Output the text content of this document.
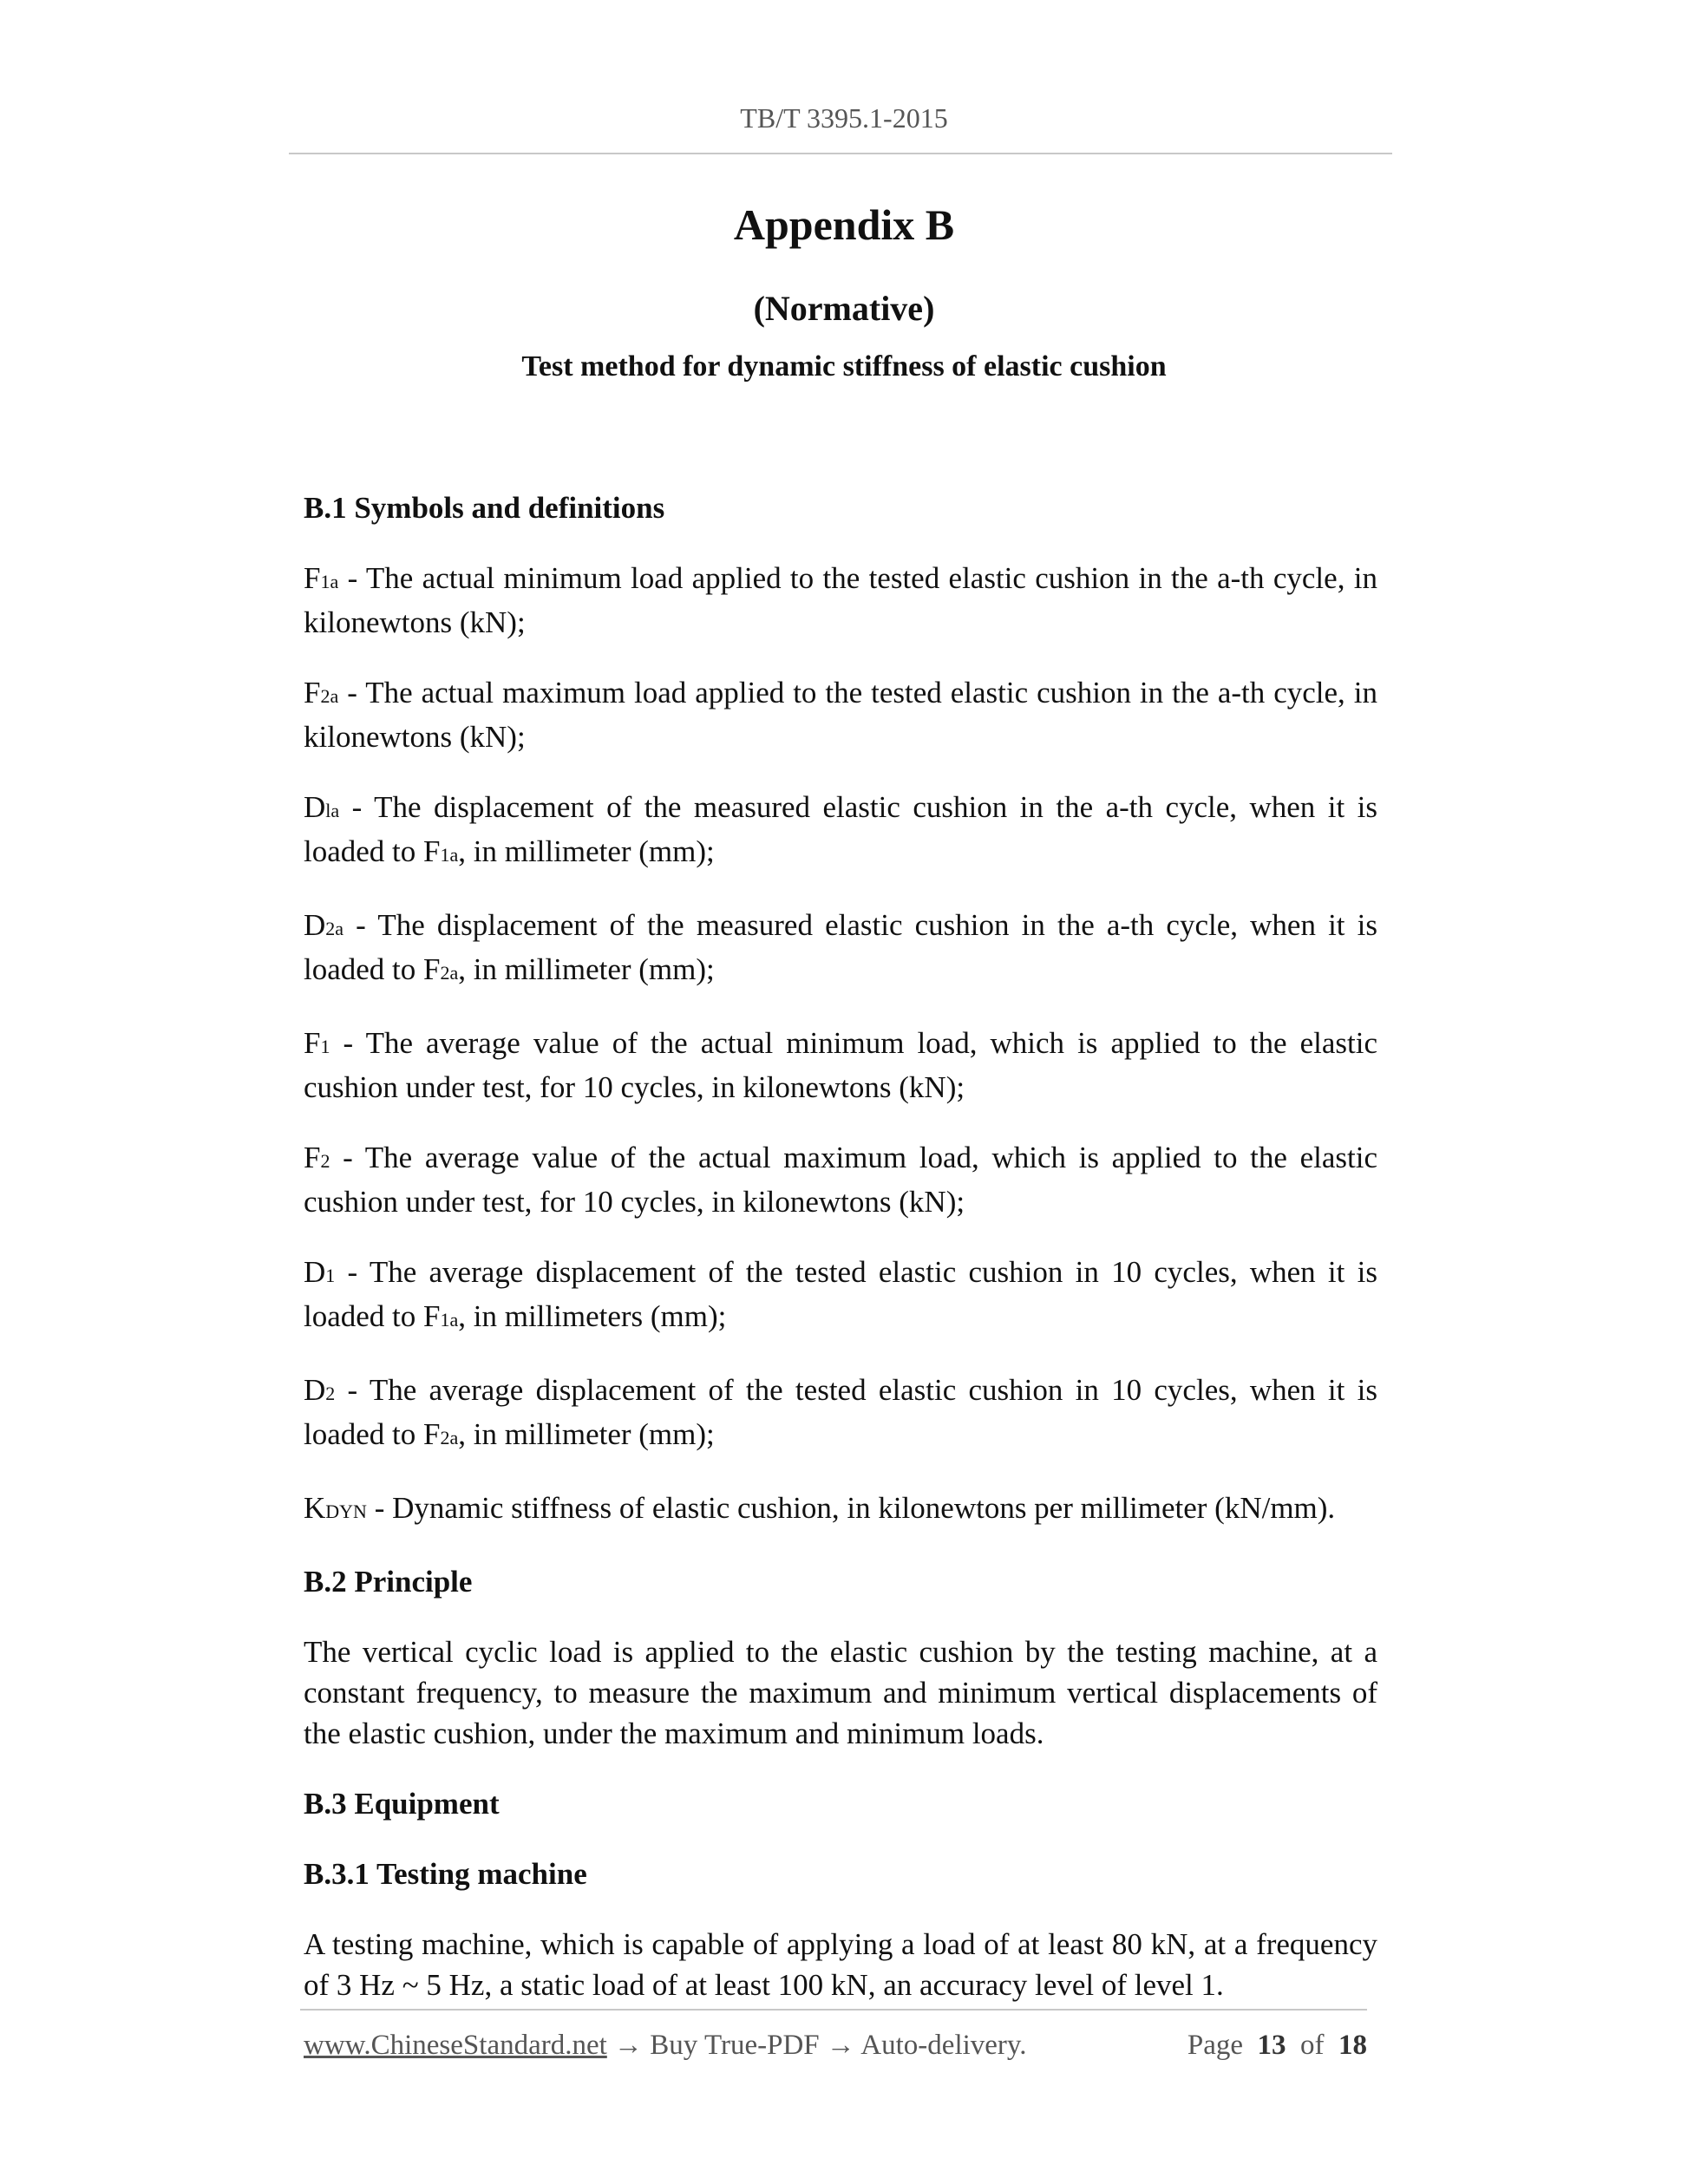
TB/T 3395.1-2015
Appendix B
(Normative)
Test method for dynamic stiffness of elastic cushion
B.1 Symbols and definitions

F1a - The actual minimum load applied to the tested elastic cushion in the a-th cycle, in kilonewtons (kN);

F2a - The actual maximum load applied to the tested elastic cushion in the a-th cycle, in kilonewtons (kN);

Dla - The displacement of the measured elastic cushion in the a-th cycle, when it is loaded to F1a, in millimeter (mm);

D2a - The displacement of the measured elastic cushion in the a-th cycle, when it is loaded to F2a, in millimeter (mm);

F1 - The average value of the actual minimum load, which is applied to the elastic cushion under test, for 10 cycles, in kilonewtons (kN);

F2 - The average value of the actual maximum load, which is applied to the elastic cushion under test, for 10 cycles, in kilonewtons (kN);

D1 - The average displacement of the tested elastic cushion in 10 cycles, when it is loaded to F1a, in millimeters (mm);

D2 - The average displacement of the tested elastic cushion in 10 cycles, when it is loaded to F2a, in millimeter (mm);

KDYN - Dynamic stiffness of elastic cushion, in kilonewtons per millimeter (kN/mm).

B.2 Principle

The vertical cyclic load is applied to the elastic cushion by the testing machine, at a constant frequency, to measure the maximum and minimum vertical displacements of the elastic cushion, under the maximum and minimum loads.

B.3 Equipment
B.3.1 Testing machine

A testing machine, which is capable of applying a load of at least 80 kN, at a frequency of 3 Hz ~ 5 Hz, a static load of at least 100 kN, an accuracy level of level 1.

www.ChineseStandard.net → Buy True-PDF → Auto-delivery.	Page 13 of 18
